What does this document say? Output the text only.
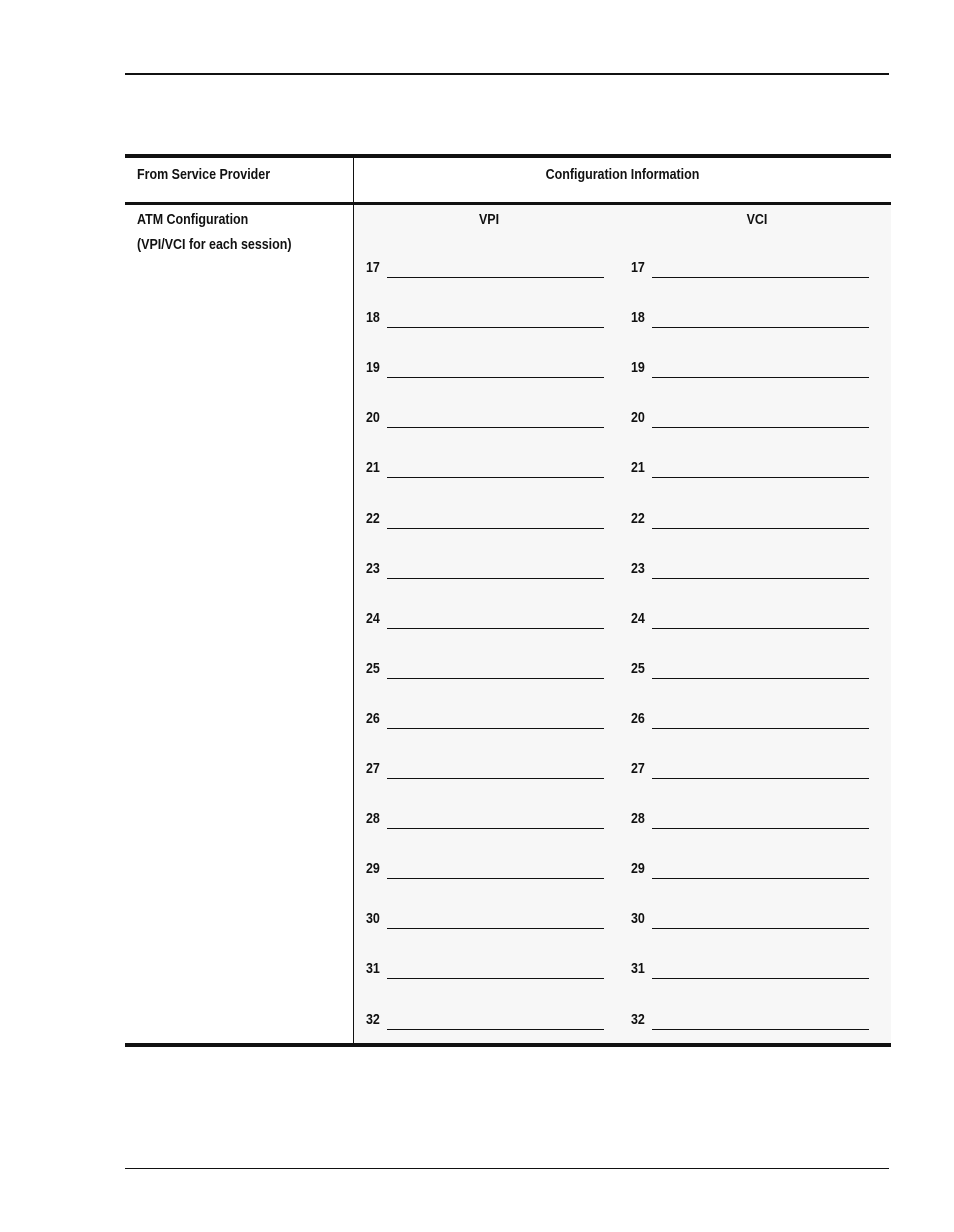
From Service Provider	Configuration Information
ATM Configuration
(VPI/VCI for each session)
VPI	VCI
17	17
18	18
19	19
20	20
21	21
22	22
23	23
24	24
25	25
26	26
27	27
28	28
29	29
30	30
31	31
32	32
